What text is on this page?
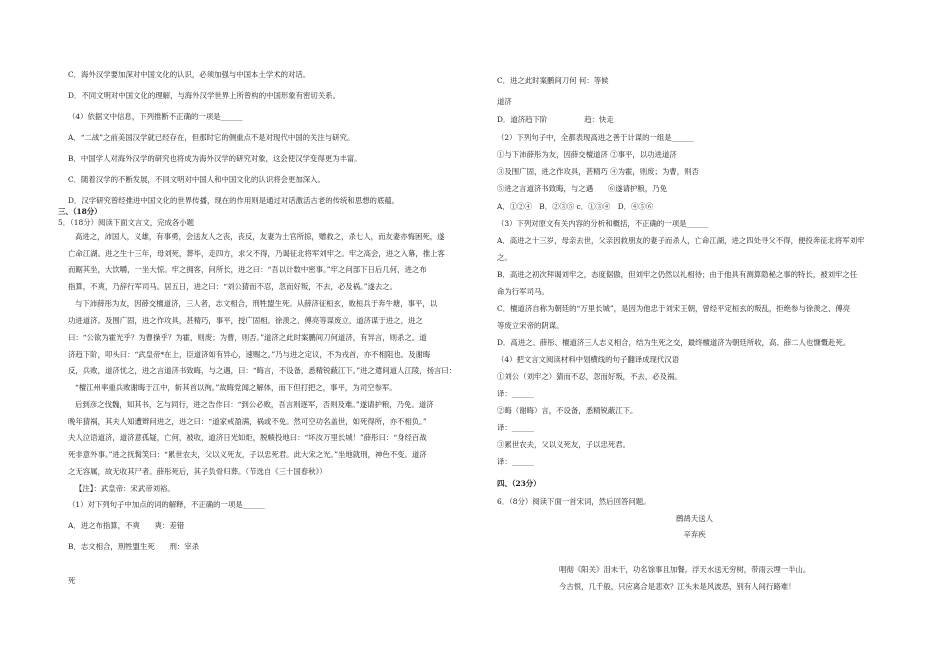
C．海外汉学要加深对中国文化的认识，必须加强与中国本土学术的对话。
D．不同文明对中国文化的理解，与海外汉学世界上所曾构的中国形象有密切关系。
（4）依据文中信息，下列推断不正确的一项是______
A．“二战”之前美国汉学就已经存在，但那时它的侧重点不是对现代中国的关注与研究。
B．中国学人对海外汉学的研究也将成为海外汉学的研究对象，这会使汉学变得更为丰富。
C．随着汉学的不断发展，不同文明对中国人和中国文化的认识将会更加深入。
D．汉学研究曾经推进中国文化的世界传播，现在的作用则是通过对话激活古老的传统和思想的底蕴。
三、（18分）
5．（18分）阅读下面文言文，完成各小题
高进之，沛国人，义雄，有事勇，会送友人之丧，丧反，友妻为土官所掠，赠救之，杀七人，而友妻亦悔困死，遂
亡命江湖。进之生十三年，母刘死，葬毕，走四方，求父不得，乃谒征北将军刘牢之。牢之高会，进之入幕，推上客
而踞其坐，大饮嚼，一坐大惊。牢之拥客，问所长，进之曰：“吾以计数中密事。”牢之问部下日后几何，进之布
指算，不爽，乃辞行军司马。居五日，进之曰：“刘公猜而不忍，忽而好叛，不去，必及祸。”遂去之。
与下沛薛彤为友，因薛交檀道济，三人者，志文相合，刑牲盟生死。从薛济征桓玄，败桓兵于奔牛塘，事平，以
功进道济。及围广固，进之作攻具，甚精巧，事平，授广固相。徐羡之、傅亮等谋废立，道济谋于进之，进之
曰：“公欲为霍光乎？为曹操乎？为霍，则废；为曹，则否。”道济之此时案鹏间刀何道济，有异言，则杀之。道
济趋下阶，叩头曰：“武皇帝*在上，臣道济如有异心，速赐之。”乃与进之定议，不为戎首，亦不相阻也。及谢晦
反，兵败，道济忧之，进之言道济书致晦，与之遇，曰：“晦言，不设备，悉精锐蔽江下。”进之遣间道人江陵，扬言曰：
“檀江州率重兵败谢晦于江中，斩其首以徇。”故晦党闻之解体，而下但打把之，事平，为司空参军。
后到彦之伐魏，知其书，乞与同行，进之告作曰：“到公必败，吾言则逐军，否则及难。”遂请护粮，乃免。道济
晚年猜祸，其夫人知遭辫问进之，进之曰：“道家戒盈满，祸或不免。然可空功名盖世，如死得所，亦不相负。”
夫人泣语道济，道济意孤疑，亡何，被收，道济日光如炬，脱帻投地曰：“坏汝万里长城！”薛彤曰：“身经百战
死非意外事。”进之抚髯笑曰：“累世农夫，父以义死友，子以忠死君。此大宋之光。”坐地就刑，神色不变。道济
之无容属，故无收其尸者。薛彤死后，其子负骨归葬。（节选自《三十国春秋》）
【注】：武皇帝：宋武帝刘裕。
（1）对下列句子中加点的词的解释，不正确的一项是______
A．进之布指算，不爽　　爽：差错
B．志文相合，刑牲盟生死　　刑：宰杀
死
C．进之此时案鹏间刀何 何：等候
道济
D．道济趋下阶　　　　　趋：快走
（2）下列句子中，全都表现高进之善于计谋的一组是______
①与下沛薛彤为友，因薛交檀道济 ②事平，以功进道济
③及围广固，进之作攻具，甚精巧 ④为霍，则废；为曹，则否
⑤进之言道济书致晦，与之遇　　⑥遂请护粮，乃免
A．①②④　B．②③⑤ c．①③④　D．④⑤⑥
（3）下列对原文有关内容的分析和概括，不正确的一项是______
A．高进之十三岁，母亲去世，父亲因救朋友的妻子而杀人，亡命江湖，进之四处寻父不得，便投奔征北将军刘牢
之。
B．高进之初次拜谒刘牢之，态度倨傲，但刘牢之仍然以礼相待；由于他具有测算隐秘之事的特长，被刘牢之任
命为行军司马。
C．檀道济自称为朝廷的“万里长城”，是因为他忠于刘宋王朝，曾经平定桓玄的叛乱，拒绝参与徐羡之、傅亮
等废立宋帝的阴谋。
D．高进之、薛彤、檀道济三人志义相合，结为生死之交，最终檀道济为朝廷所收，高、薛二人也慷慨赴死。
（4）把文言文阅读材料中划横线的句子翻译成现代汉语
①刘公（刘牢之）猜而不忍，忽而好叛，不去，必及祸。
译：______
②晦（谢晦）言，不设备，悉精锐蔽江下。
译：______
③累世农夫，父以义死友，子以忠死君。
译：______
四、（23分）
6．（8分）阅读下面一首宋词，然后回答问题。
鹧鸪天送人
辛弃疾
唱彻《阳关》泪未干，功名馀事且加餐。浮天水送无穷树，带雨云埋一半山。
今古恨，几千般，只应离合是悲欢？江头未是风波恶，别有人间行路难！
